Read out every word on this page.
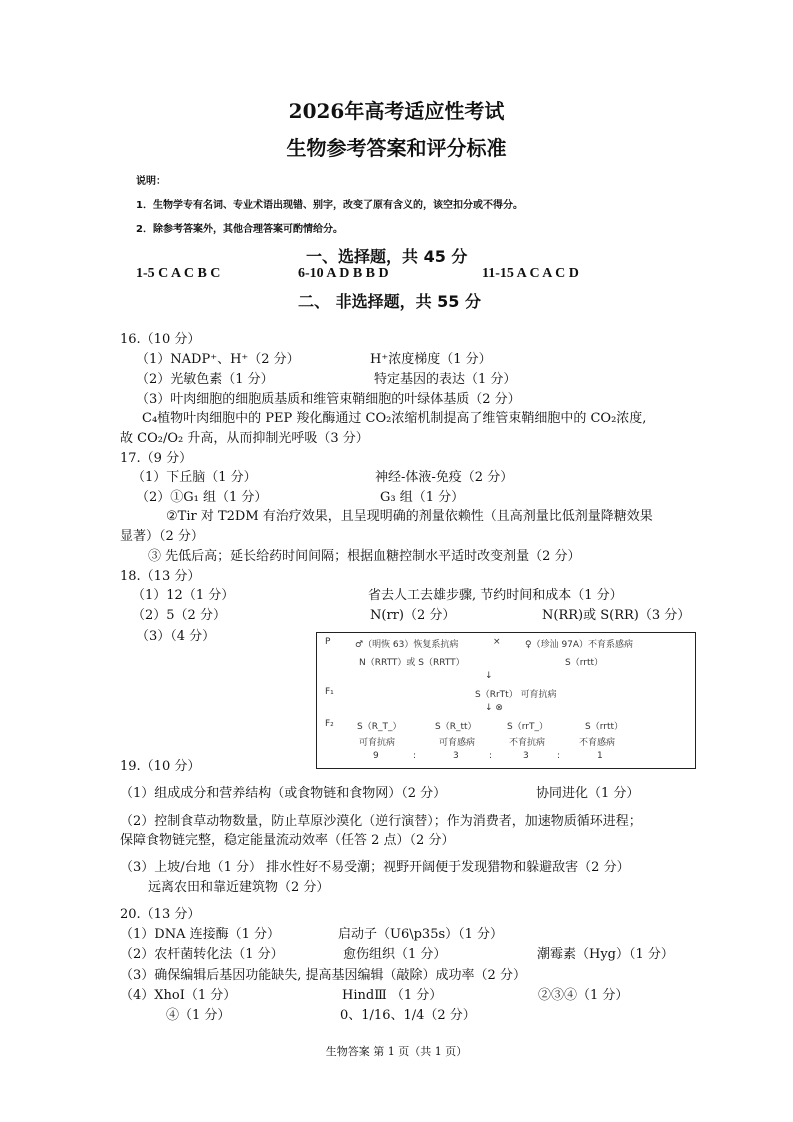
2026年高考适应性考试
生物参考答案和评分标准
说明：
1．生物学专有名词、专业术语出现错、别字，改变了原有含义的，该空扣分或不得分。
2．除参考答案外，其他合理答案可酌情给分。
一、选择题，共 45 分
1-5 C A C B C	6-10 A D B B D	11-15 A C A C D
二、 非选择题，共 55 分
16.（10 分）
（1）NADP⁺、H⁺（2 分）	H⁺浓度梯度（1 分）
（2）光敏色素（1 分）	特定基因的表达（1 分）
（3）叶肉细胞的细胞质基质和维管束鞘细胞的叶绿体基质（2 分）
C₄植物叶肉细胞中的 PEP 羧化酶通过 CO₂浓缩机制提高了维管束鞘细胞中的 CO₂浓度,
故 CO₂/O₂ 升高，从而抑制光呼吸（3 分）
17.（9 分）
（1）下丘脑（1 分）	神经-体液-免疫（2 分）
（2）①G₁ 组（1 分）	G₃ 组（1 分）
②Tir 对 T2DM 有治疗效果，且呈现明确的剂量依赖性（且高剂量比低剂量降糖效果
显著）（2 分）
③ 先低后高；延长给药时间间隔；根据血糖控制水平适时改变剂量（2 分）
18.（13 分）
（1）12（1 分）	省去人工去雄步骤, 节约时间和成本（1 分）
（2）5（2 分）	N(rr)（2 分）	N(RR)或 S(RR)（3 分）
（3）（4 分）	P	♂（明恢 63）恢复系抗病	×	♀（珍汕 97A）不育系感病
N（RRTT）或 S（RRTT）	S（rrtt）
↓
F₁	S（RrTt） 可育抗病
↓ ⊗
F₂	S（R_T_）	S（R_tt）	S（rrT_）	S（rrtt）
可育抗病	可育感病	不育抗病	不育感病
9	:	3	:	3	:	1
19.（10 分）
（1）组成成分和营养结构（或食物链和食物网）（2 分）	协同进化（1 分）
（2）控制食草动物数量，防止草原沙漠化（逆行演替）；作为消费者，加速物质循环进程；
保障食物链完整，稳定能量流动效率（任答 2 点）（2 分）
（3）上坡/台地（1 分） 排水性好不易受潮；视野开阔便于发现猎物和躲避敌害（2 分）
远离农田和靠近建筑物（2 分）
20.（13 分）
（1）DNA 连接酶（1 分）	启动子（U6\p35s）（1 分）
（2）农杆菌转化法（1 分）	愈伤组织（1 分）	潮霉素（Hyg）（1 分）
（3）确保编辑后基因功能缺失, 提高基因编辑（敲除）成功率（2 分）
（4）XhoⅠ（1 分）	HindⅢ （1 分）	②③④（1 分）
④（1 分）	0、1/16、1/4（2 分）
生物答案 第 1 页（共 1 页）
